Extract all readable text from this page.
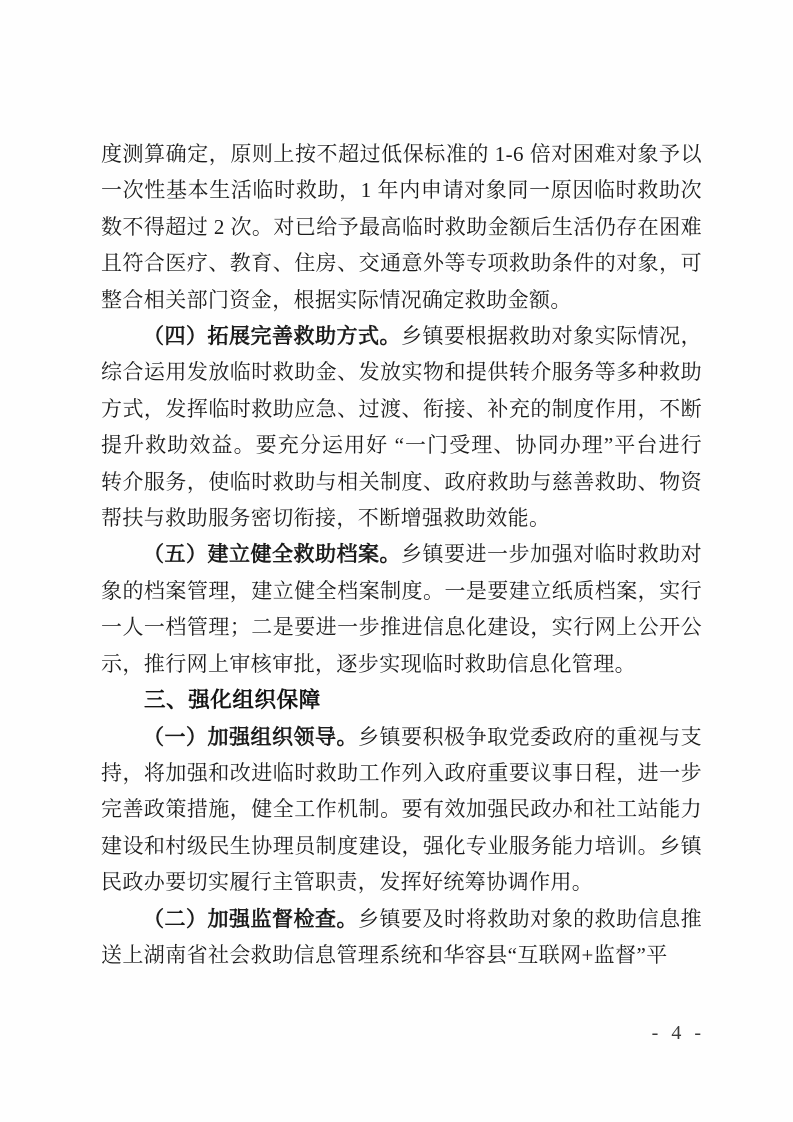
度测算确定，原则上按不超过低保标准的 1-6 倍对困难对象予以一次性基本生活临时救助，1 年内申请对象同一原因临时救助次数不得超过 2 次。对已给予最高临时救助金额后生活仍存在困难且符合医疗、教育、住房、交通意外等专项救助条件的对象，可整合相关部门资金，根据实际情况确定救助金额。

（四）拓展完善救助方式。乡镇要根据救助对象实际情况，综合运用发放临时救助金、发放实物和提供转介服务等多种救助方式，发挥临时救助应急、过渡、衔接、补充的制度作用，不断提升救助效益。要充分运用好 “一门受理、协同办理”平台进行转介服务，使临时救助与相关制度、政府救助与慈善救助、物资帮扶与救助服务密切衔接，不断增强救助效能。

（五）建立健全救助档案。乡镇要进一步加强对临时救助对象的档案管理，建立健全档案制度。一是要建立纸质档案，实行一人一档管理；二是要进一步推进信息化建设，实行网上公开公示，推行网上审核审批，逐步实现临时救助信息化管理。

三、强化组织保障

（一）加强组织领导。乡镇要积极争取党委政府的重视与支持，将加强和改进临时救助工作列入政府重要议事日程，进一步完善政策措施，健全工作机制。要有效加强民政办和社工站能力建设和村级民生协理员制度建设，强化专业服务能力培训。乡镇民政办要切实履行主管职责，发挥好统筹协调作用。

（二）加强监督检查。乡镇要及时将救助对象的救助信息推送上湖南省社会救助信息管理系统和华容县“互联网+监督”平

- 4 -
